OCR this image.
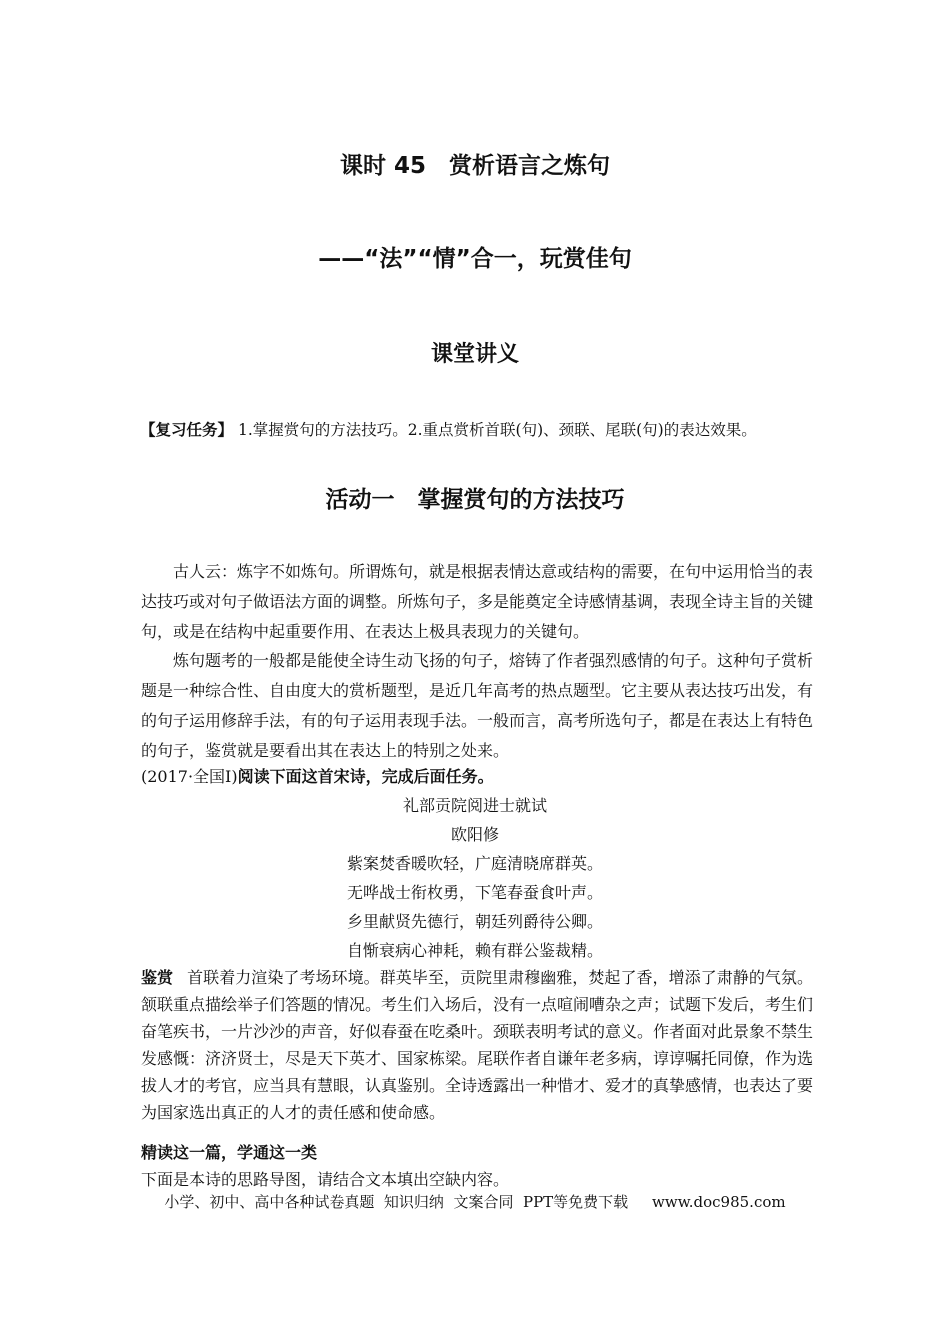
课时 45　赏析语言之炼句
——“法”“情”合一，玩赏佳句
课堂讲义
【复习任务】 1.掌握赏句的方法技巧。2.重点赏析首联(句)、颈联、尾联(句)的表达效果。
活动一　掌握赏句的方法技巧

古人云：炼字不如炼句。所谓炼句，就是根据表情达意或结构的需要，在句中运用恰当的表达技巧或对句子做语法方面的调整。所炼句子，多是能奠定全诗感情基调，表现全诗主旨的关键句，或是在结构中起重要作用、在表达上极具表现力的关键句。

炼句题考的一般都是能使全诗生动飞扬的句子，熔铸了作者强烈感情的句子。这种句子赏析题是一种综合性、自由度大的赏析题型，是近几年高考的热点题型。它主要从表达技巧出发，有的句子运用修辞手法，有的句子运用表现手法。一般而言，高考所选句子，都是在表达上有特色的句子，鉴赏就是要看出其在表达上的特别之处来。

(2017·全国Ⅰ)阅读下面这首宋诗，完成后面任务。
礼部贡院阅进士就试
欧阳修
紫案焚香暖吹轻，广庭清晓席群英。
无哗战士衔枚勇，下笔春蚕食叶声。
乡里献贤先德行，朝廷列爵待公卿。
自惭衰病心神耗，赖有群公鉴裁精。

鉴赏 首联着力渲染了考场环境。群英毕至，贡院里肃穆幽雅，焚起了香，增添了肃静的气氛。颔联重点描绘举子们答题的情况。考生们入场后，没有一点喧闹嘈杂之声；试题下发后，考生们奋笔疾书，一片沙沙的声音，好似春蚕在吃桑叶。颈联表明考试的意义。作者面对此景象不禁生发感慨：济济贤士，尽是天下英才、国家栋梁。尾联作者自谦年老多病，谆谆嘱托同僚，作为选拔人才的考官，应当具有慧眼，认真鉴别。全诗透露出一种惜才、爱才的真挚感情，也表达了要为国家选出真正的人才的责任感和使命感。

精读这一篇，学通这一类
下面是本诗的思路导图，请结合文本填出空缺内容。
小学、初中、高中各种试卷真题  知识归纳  文案合同  PPT等免费下载     www.doc985.com
